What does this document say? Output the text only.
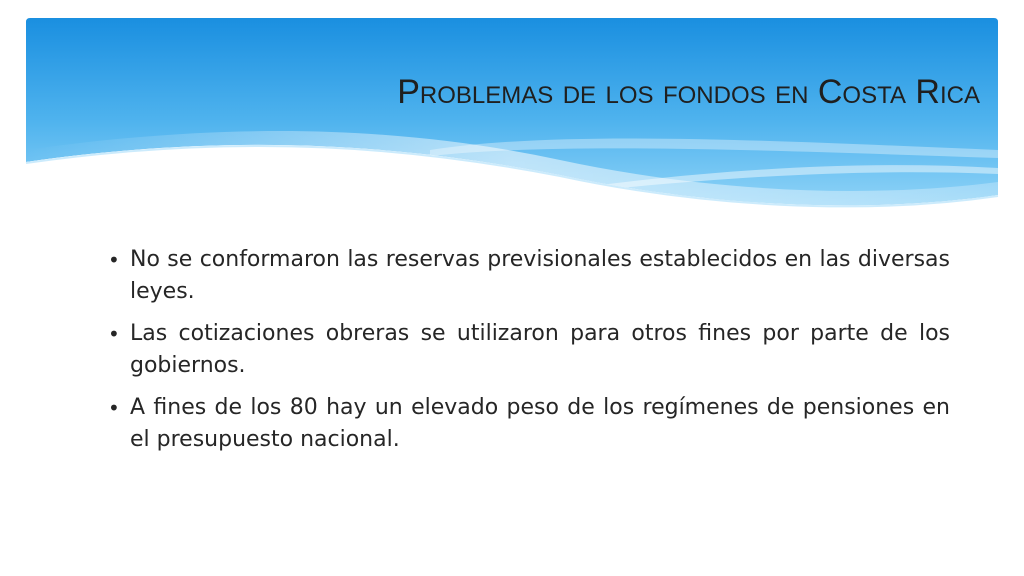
Problemas de los fondos en Costa Rica
• No se conformaron las reservas previsionales establecidos en las diversas leyes.
• Las cotizaciones obreras se utilizaron para otros fines por parte de los gobiernos.
• A fines de los 80 hay un elevado peso de los regímenes de pensiones en el presupuesto nacional.
